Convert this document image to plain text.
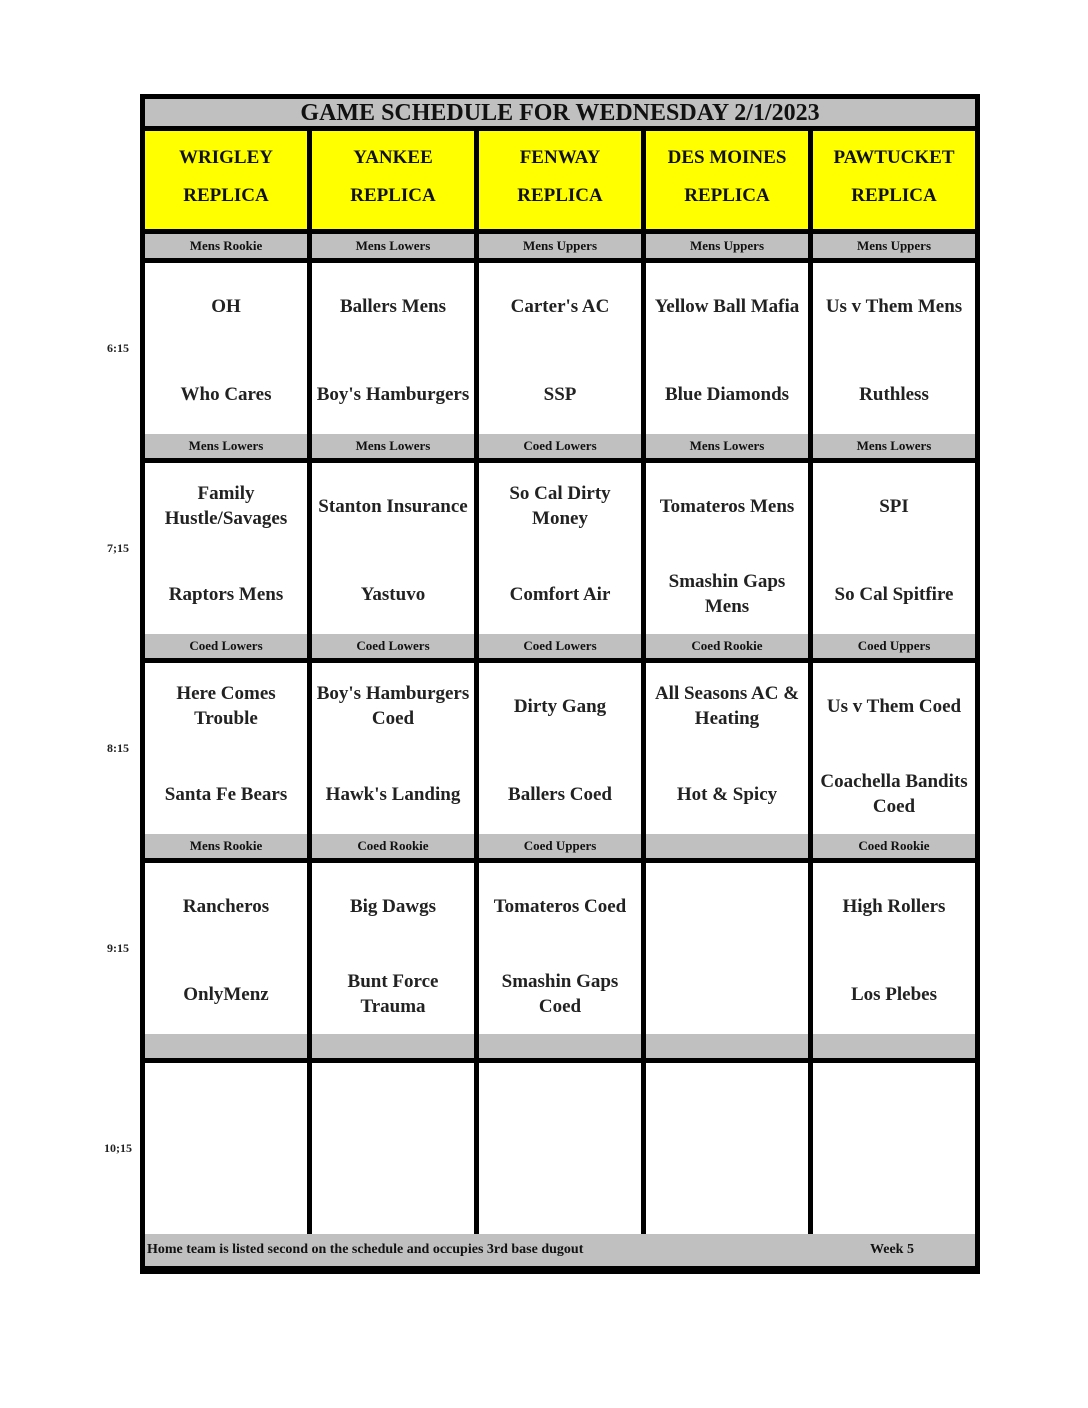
GAME SCHEDULE FOR WEDNESDAY 2/1/2023
Home team is listed second on the schedule and occupies 3rd base dugout	Week 5
WRIGLEY
REPLICA
YANKEE
REPLICA
FENWAY
REPLICA
DES MOINES
REPLICA
PAWTUCKET
REPLICA
Mens Rookie
OH
Who Cares
Mens Lowers
Ballers Mens
Boy's Hamburgers
Mens Uppers
Carter's AC
SSP
Mens Uppers
Yellow Ball Mafia
Blue Diamonds
Mens Uppers
Us v Them Mens
Ruthless
Mens Lowers
Family Hustle/Savages
Raptors Mens
Mens Lowers
Stanton Insurance
Yastuvo
Coed Lowers
So Cal Dirty Money
Comfort Air
Mens Lowers
Tomateros Mens
Smashin Gaps Mens
Mens Lowers
SPI
So Cal Spitfire
Coed Lowers
Here Comes Trouble
Santa Fe Bears
Coed Lowers
Boy's Hamburgers Coed
Hawk's Landing
Coed Lowers
Dirty Gang
Ballers Coed
Coed Rookie
All Seasons AC & Heating
Hot & Spicy
Coed Uppers
Us v Them Coed
Coachella Bandits Coed
Mens Rookie
Rancheros
OnlyMenz
Coed Rookie
Big Dawgs
Bunt Force Trauma
Coed Uppers
Tomateros Coed
Smashin Gaps Coed
Coed Rookie
High Rollers
Los Plebes
6:15
7;15
8:15
9:15
10;15
